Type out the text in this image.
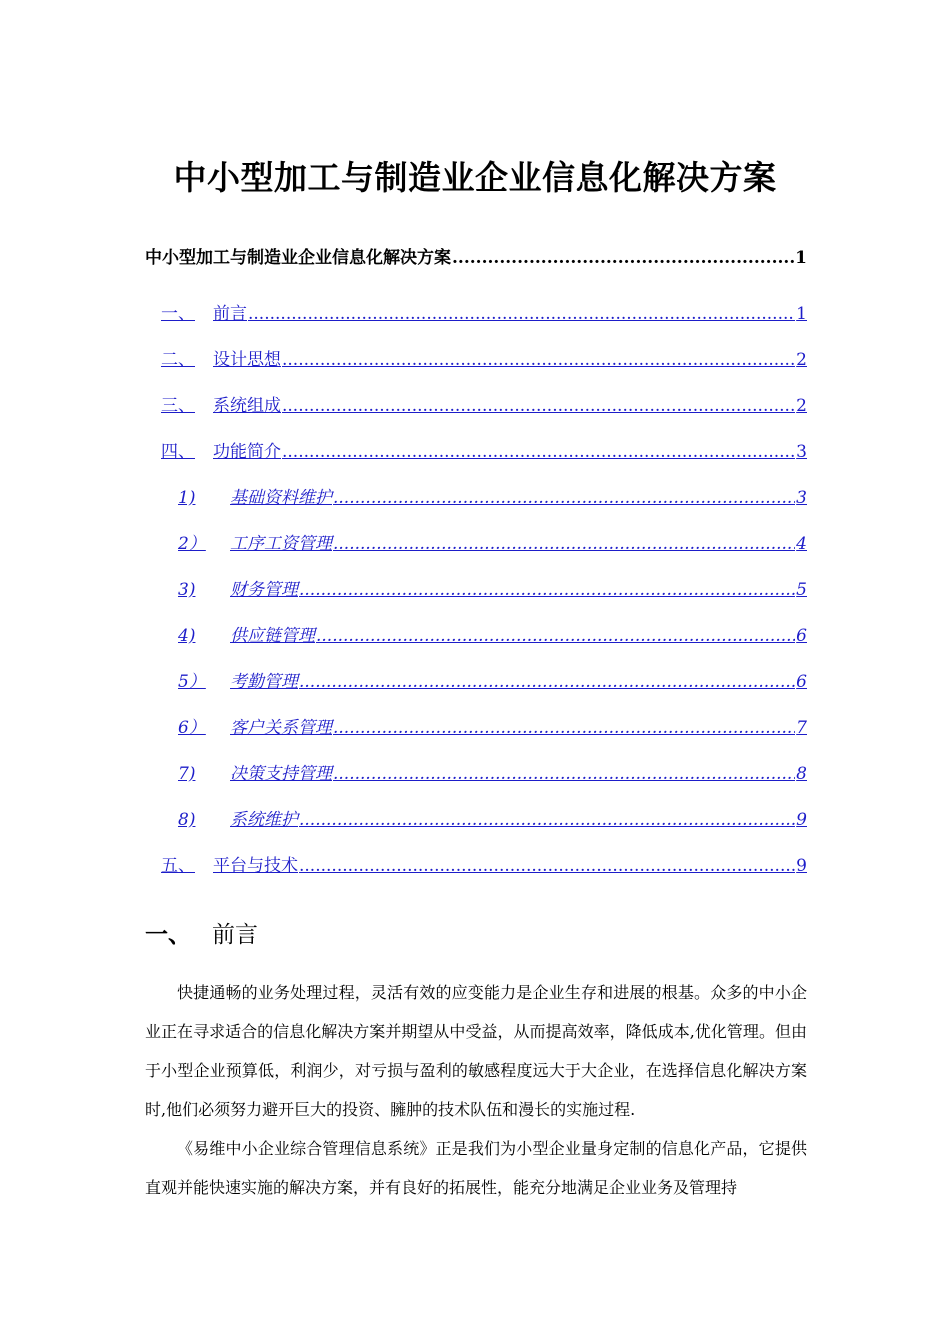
中小型加工与制造业企业信息化解决方案
中小型加工与制造业企业信息化解决方案 .....	1
一、	前言 .....	1
二、	设计思想 .....	2
三、	系统组成 .....	2
四、	功能简介 .....	3
1)	基础资料维护 .....	3
2）	工序工资管理 .....	4
3)	财务管理 .....	5
4)	供应链管理 .....	6
5）	考勤管理 .....	6
6）	客户关系管理 .....	7
7)	决策支持管理 .....	8
8)	系统维护 .....	9
五、	平台与技术 .....	9
一、 前言

快捷通畅的业务处理过程，灵活有效的应变能力是企业生存和进展的根基。众多的中小企业正在寻求适合的信息化解决方案并期望从中受益，从而提高效率，降低成本,优化管理。但由于小型企业预算低，利润少，对亏损与盈利的敏感程度远大于大企业，在选择信息化解决方案时,他们必须努力避开巨大的投资、臃肿的技术队伍和漫长的实施过程.

《易维中小企业综合管理信息系统》正是我们为小型企业量身定制的信息化产品，它提供直观并能快速实施的解决方案，并有良好的拓展性，能充分地满足企业业务及管理持
